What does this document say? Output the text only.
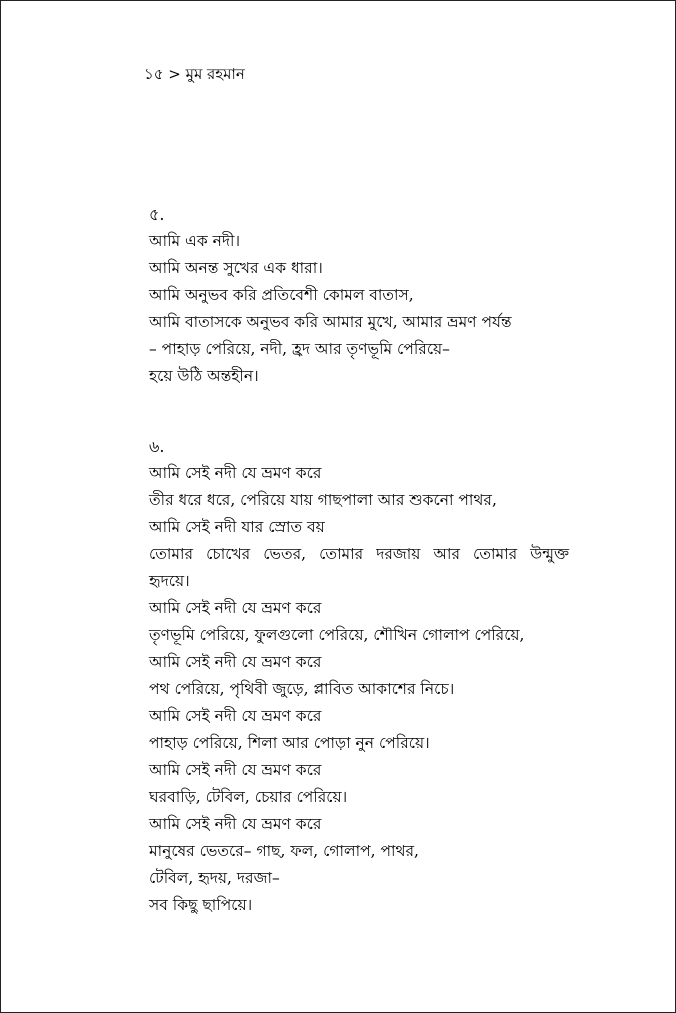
১৫ > মুম রহমান
৫.
আমি এক নদী।
আমি অনন্ত সুখের এক ধারা।
আমি অনুভব করি প্রতিবেশী কোমল বাতাস,
আমি বাতাসকে অনুভব করি আমার মুখে, আমার ভ্রমণ পর্যন্ত
– পাহাড় পেরিয়ে, নদী, হ্রদ আর তৃণভূমি পেরিয়ে–
হয়ে উঠি অন্তহীন।
৬.
আমি সেই নদী যে ভ্রমণ করে
তীর ধরে ধরে, পেরিয়ে যায় গাছপালা আর শুকনো পাথর,
আমি সেই নদী যার স্রোত বয়
তোমার চোখের ভেতর, তোমার দরজায় আর তোমার উন্মুক্ত
হৃদয়ে।
আমি সেই নদী যে ভ্রমণ করে
তৃণভূমি পেরিয়ে, ফুলগুলো পেরিয়ে, শৌখিন গোলাপ পেরিয়ে,
আমি সেই নদী যে ভ্রমণ করে
পথ পেরিয়ে, পৃথিবী জুড়ে, প্লাবিত আকাশের নিচে।
আমি সেই নদী যে ভ্রমণ করে
পাহাড় পেরিয়ে, শিলা আর পোড়া নুন পেরিয়ে।
আমি সেই নদী যে ভ্রমণ করে
ঘরবাড়ি, টেবিল, চেয়ার পেরিয়ে।
আমি সেই নদী যে ভ্রমণ করে
মানুষের ভেতরে– গাছ, ফল, গোলাপ, পাথর,
টেবিল, হৃদয়, দরজা–
সব কিছু ছাপিয়ে।
